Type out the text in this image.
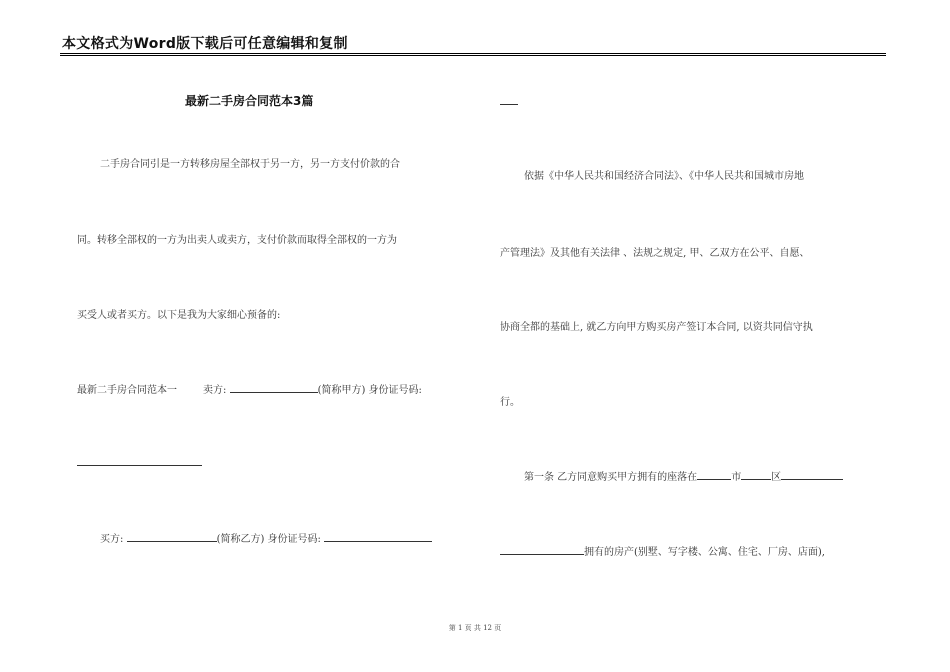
本文格式为Word版下载后可任意编辑和复制
最新二手房合同范本3篇
二手房合同引是一方转移房屋全部权于另一方，另一方支付价款的合
同。转移全部权的一方为出卖人或卖方，支付价款而取得全部权的一方为
买受人或者买方。以下是我为大家细心预备的:
最新二手房合同范本一	卖方:	(简称甲方) 身份证号码:
买方:	(简称乙方) 身份证号码:
依据《中华人民共和国经济合同法》、《中华人民共和国城市房地
产管理法》及其他有关法律 、法规之规定, 甲、乙双方在公平、自愿、
协商全都的基础上, 就乙方向甲方购买房产签订本合同, 以资共同信守执
行。
第一条 乙方同意购买甲方拥有的座落在	市	区
拥有的房产(别墅、写字楼、公寓、住宅、厂房、店面),
第 1 页 共 12 页
